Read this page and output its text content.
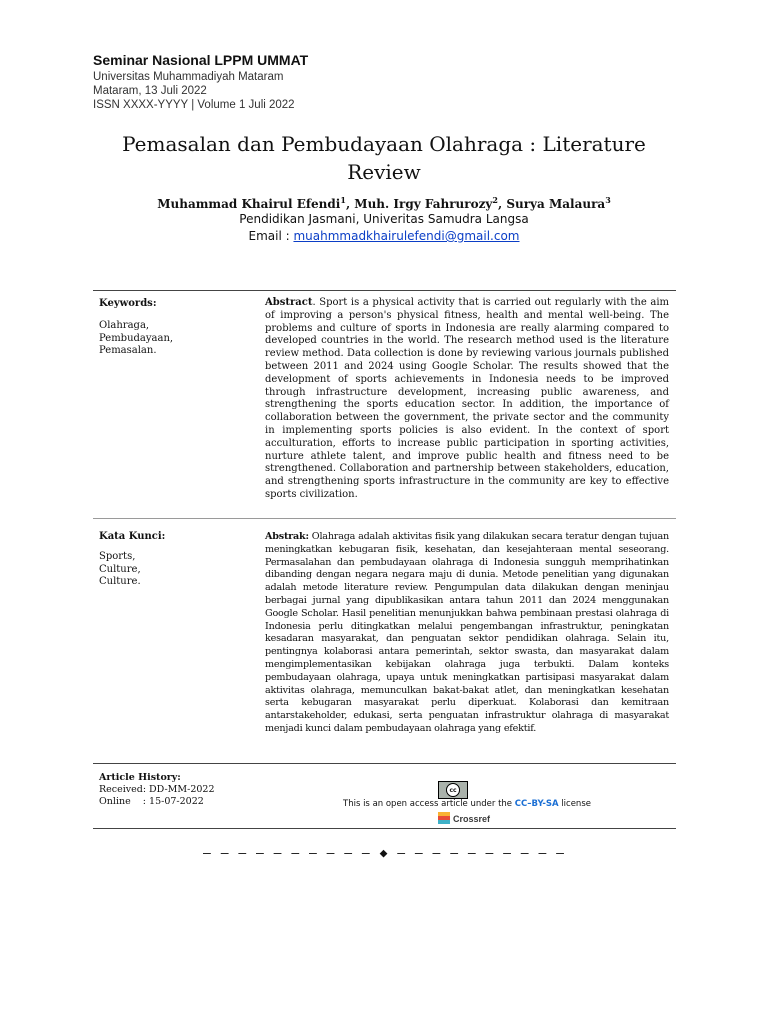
Seminar Nasional LPPM UMMAT
Universitas Muhammadiyah Mataram
Mataram, 13 Juli 2022
ISSN XXXX-YYYY | Volume 1 Juli 2022
Pemasalan dan Pembudayaan Olahraga : Literature
Review
Muhammad Khairul Efendi$^1$, Muh. Irgy Fahrurozy$^2$, Surya Malaura$^3$
Pendidikan Jasmani, Univeritas Samudra Langsa
Email : muahmmadkhairulefendi@gmail.com
Keywords:
Olahraga,
Pembudayaan,
Pemasalan.

Abstract. Sport is a physical activity that is carried out regularly with the aim of improving a person's physical fitness, health and mental well-being. The problems and culture of sports in Indonesia are really alarming compared to developed countries in the world. The research method used is the literature review method. Data collection is done by reviewing various journals published between 2011 and 2024 using Google Scholar. The results showed that the development of sports achievements in Indonesia needs to be improved through infrastructure development, increasing public awareness, and strengthening the sports education sector. In addition, the importance of collaboration between the government, the private sector and the community in implementing sports policies is also evident. In the context of sport acculturation, efforts to increase public participation in sporting activities, nurture athlete talent, and improve public health and fitness need to be strengthened. Collaboration and partnership between stakeholders, education, and strengthening sports infrastructure in the community are key to effective sports civilization.

Kata Kunci:
Sports,
Culture,
Culture.

Abstrak: Olahraga adalah aktivitas fisik yang dilakukan secara teratur dengan tujuan meningkatkan kebugaran fisik, kesehatan, dan kesejahteraan mental seseorang. Permasalahan dan pembudayaan olahraga di Indonesia sungguh memprihatinkan dibanding dengan negara negara maju di dunia. Metode penelitian yang digunakan adalah metode literature review. Pengumpulan data dilakukan dengan meninjau berbagai jurnal yang dipublikasikan antara tahun 2011 dan 2024 menggunakan Google Scholar. Hasil penelitian menunjukkan bahwa pembinaan prestasi olahraga di Indonesia perlu ditingkatkan melalui pengembangan infrastruktur, peningkatan kesadaran masyarakat, dan penguatan sektor pendidikan olahraga. Selain itu, pentingnya kolaborasi antara pemerintah, sektor swasta, dan masyarakat dalam mengimplementasikan kebijakan olahraga juga terbukti. Dalam konteks pembudayaan olahraga, upaya untuk meningkatkan partisipasi masyarakat dalam aktivitas olahraga, memunculkan bakat-bakat atlet, dan meningkatkan kesehatan serta kebugaran masyarakat perlu diperkuat. Kolaborasi dan kemitraan antarstakeholder, edukasi, serta penguatan infrastruktur olahraga di masyarakat menjadi kunci dalam pembudayaan olahraga yang efektif.

Article History:
Received: DD-MM-2022
Online    : 15-07-2022
cc
This is an open access article under the CC–BY-SA license
Crossref
– – – – – – – – – – ◆ – – – – – – – – – –
